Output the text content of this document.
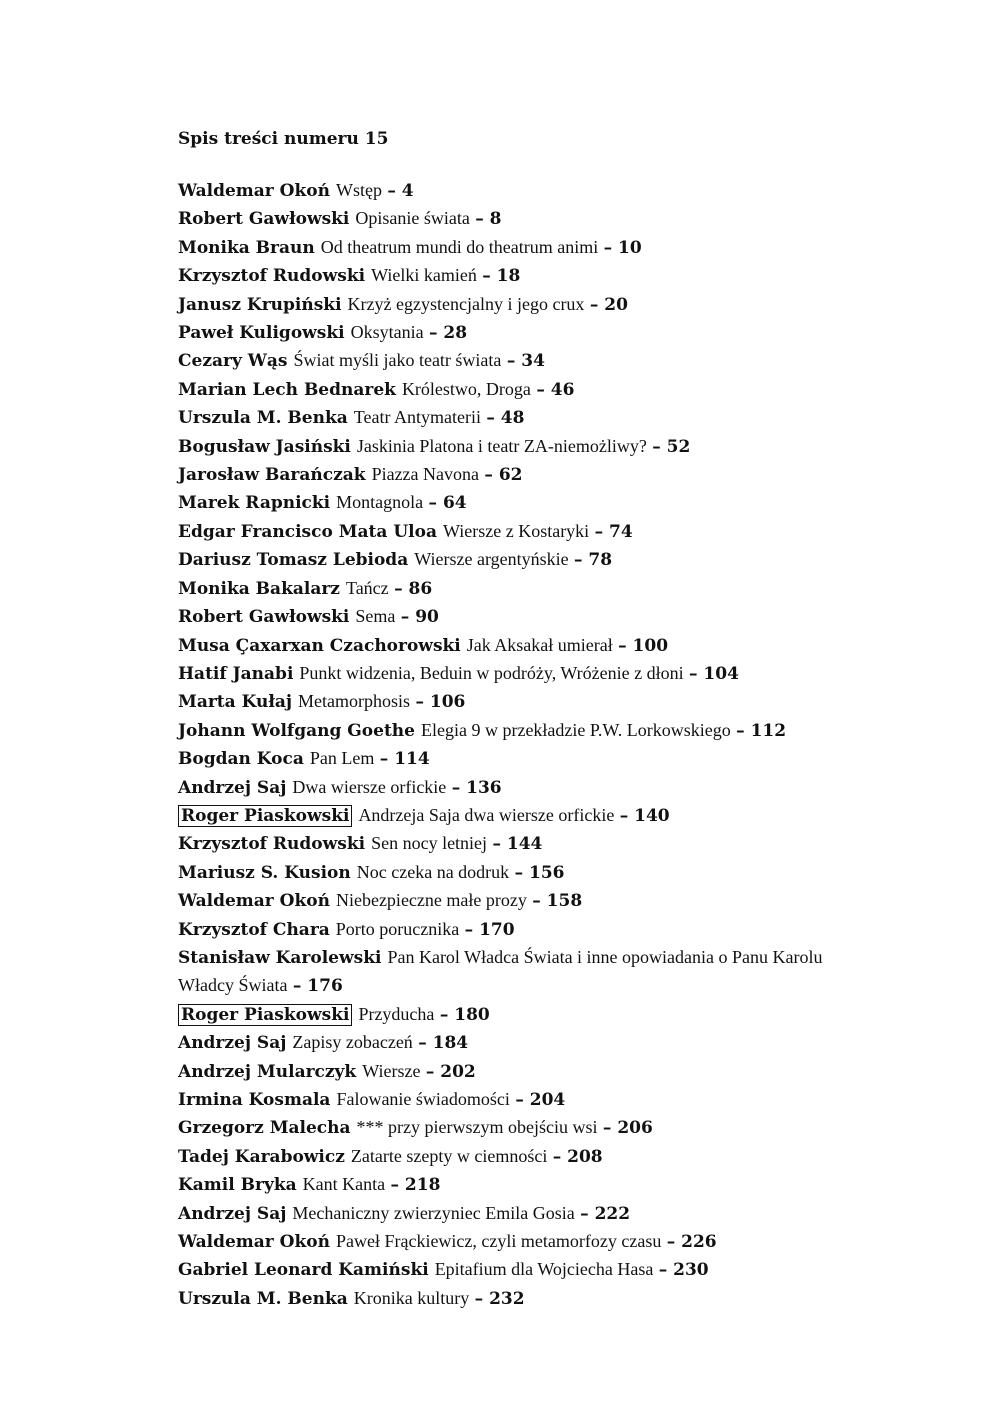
Spis treści numeru 15
Waldemar Okoń Wstęp – 4
Robert Gawłowski Opisanie świata – 8
Monika Braun Od theatrum mundi do theatrum animi – 10
Krzysztof Rudowski Wielki kamień – 18
Janusz Krupiński Krzyż egzystencjalny i jego crux – 20
Paweł Kuligowski Oksytania – 28
Cezary Wąs Świat myśli jako teatr świata – 34
Marian Lech Bednarek Królestwo, Droga – 46
Urszula M. Benka Teatr Antymaterii – 48
Bogusław Jasiński Jaskinia Platona i teatr ZA-niemożliwy? – 52
Jarosław Barańczak Piazza Navona – 62
Marek Rapnicki Montagnola – 64
Edgar Francisco Mata Uloa Wiersze z Kostaryki – 74
Dariusz Tomasz Lebioda Wiersze argentyńskie – 78
Monika Bakalarz Tańcz – 86
Robert Gawłowski Sema – 90
Musa Çaxarxan Czachorowski Jak Aksakał umierał – 100
Hatif Janabi Punkt widzenia, Beduin w podróży, Wróżenie z dłoni – 104
Marta Kułaj Metamorphosis – 106
Johann Wolfgang Goethe Elegia 9 w przekładzie P.W. Lorkowskiego – 112
Bogdan Koca Pan Lem – 114
Andrzej Saj Dwa wiersze orfickie – 136
Roger Piaskowski Andrzeja Saja dwa wiersze orfickie – 140
Krzysztof Rudowski Sen nocy letniej – 144
Mariusz S. Kusion Noc czeka na dodruk – 156
Waldemar Okoń Niebezpieczne małe prozy – 158
Krzysztof Chara Porto porucznika – 170
Stanisław Karolewski Pan Karol Władca Świata i inne opowiadania o Panu Karolu Władcy Świata – 176
Roger Piaskowski Przyducha – 180
Andrzej Saj Zapisy zobaczeń – 184
Andrzej Mularczyk Wiersze – 202
Irmina Kosmala Falowanie świadomości – 204
Grzegorz Malecha *** przy pierwszym obejściu wsi – 206
Tadej Karabowicz Zatarte szepty w ciemności – 208
Kamil Bryka Kant Kanta – 218
Andrzej Saj Mechaniczny zwierzyniec Emila Gosia – 222
Waldemar Okoń Paweł Frąckiewicz, czyli metamorfozy czasu – 226
Gabriel Leonard Kamiński Epitafium dla Wojciecha Hasa – 230
Urszula M. Benka Kronika kultury – 232
